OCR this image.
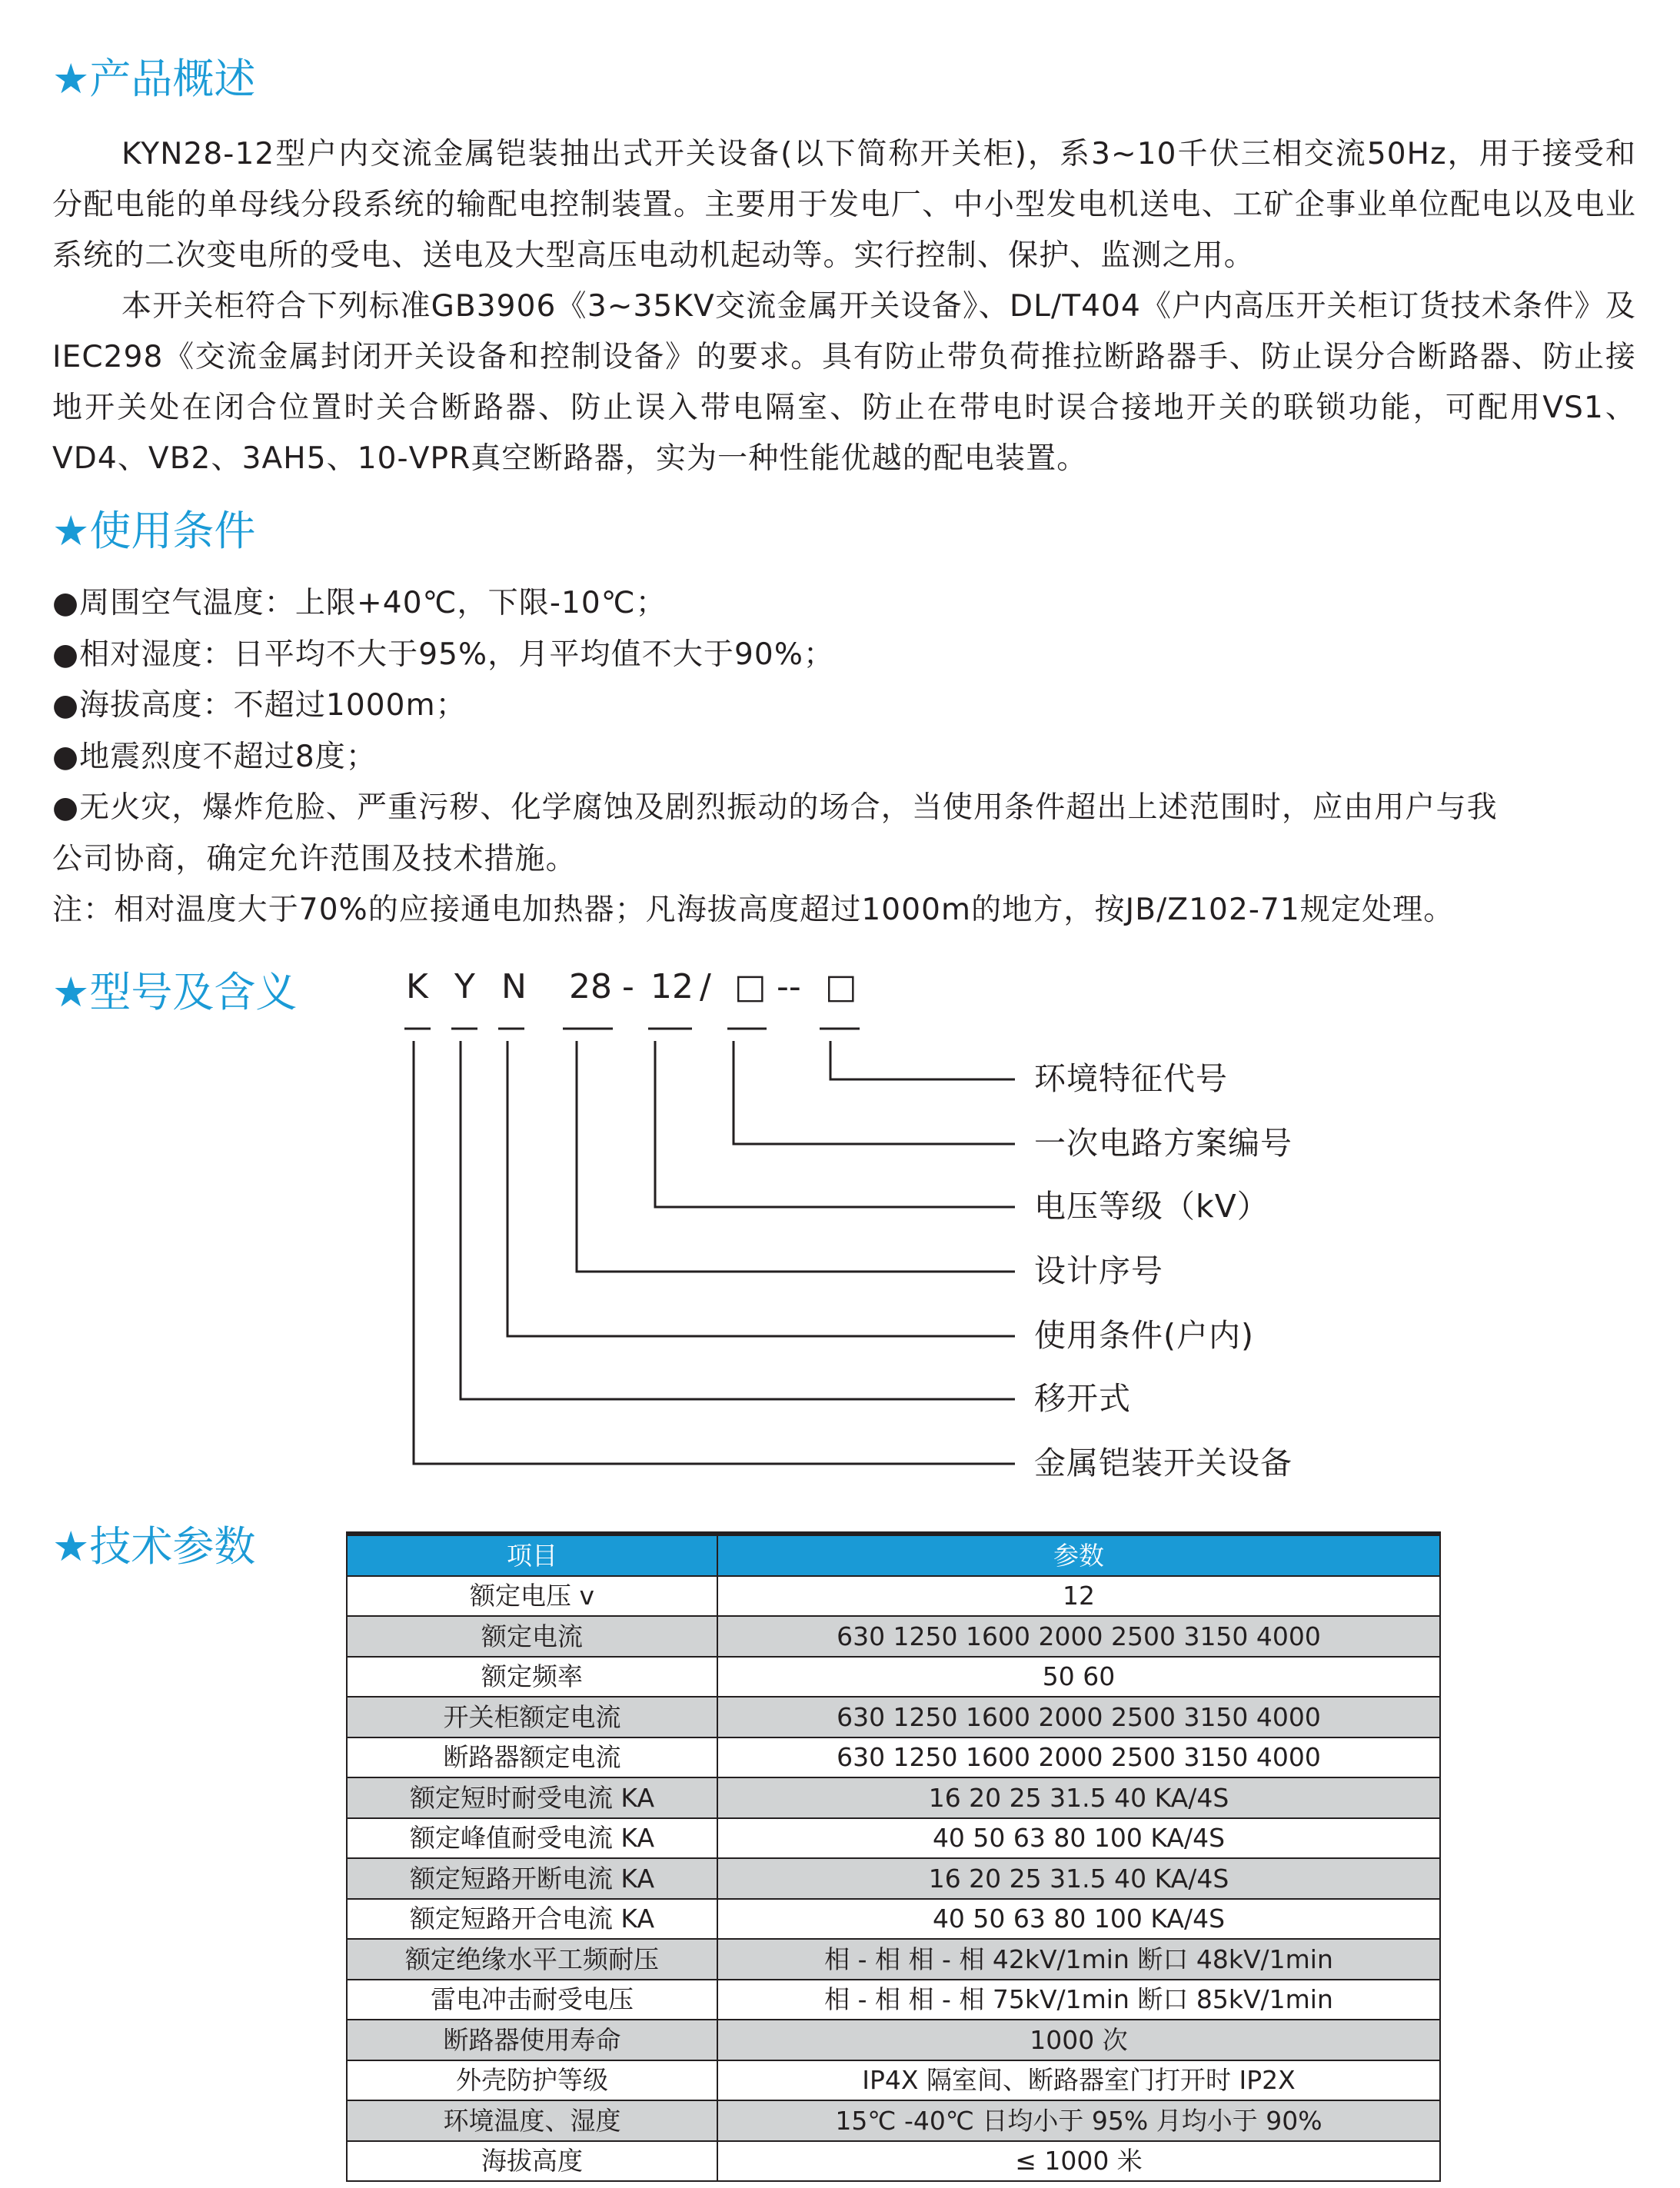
★产品概述

KYN28-12型户内交流金属铠装抽出式开关设备(以下简称开关柜)，系3~10千伏三相交流50Hz，用于接受和分配电能的单母线分段系统的输配电控制装置。主要用于发电厂、中小型发电机送电、工矿企事业单位配电以及电业系统的二次变电所的受电、送电及大型高压电动机起动等。实行控制、保护、监测之用。

本开关柜符合下列标准GB3906《3~35KV交流金属开关设备》、DL/T404《户内高压开关柜订货技术条件》及IEC298《交流金属封闭开关设备和控制设备》的要求。具有防止带负荷推拉断路器手、防止误分合断路器、防止接地开关处在闭合位置时关合断路器、防止误入带电隔室、防止在带电时误合接地开关的联锁功能，可配用VS1、VD4、VB2、3AH5、10-VPR真空断路器，实为一种性能优越的配电装置。

★使用条件
●周围空气温度：上限+40℃，下限-10℃；
●相对湿度：日平均不大于95%，月平均值不大于90%；
●海拔高度：不超过1000m；
●地震烈度不超过8度；
●无火灾，爆炸危脸、严重污秽、化学腐蚀及剧烈振动的场合，当使用条件超出上述范围时，应由用户与我
公司协商，确定允许范围及技术措施。
注：相对温度大于70%的应接通电加热器；凡海拔高度超过1000m的地方，按JB/Z102-71规定处理。
★型号及含义	K Y N 28 - 12 / □ -- □
环境特征代号
一次电路方案编号
电压等级（kV）
设计序号
使用条件(户内)
移开式
金属铠装开关设备
★技术参数	项目	参数
额定电压 v	12
额定电流	630 1250 1600 2000 2500 3150 4000
额定频率	50 60
开关柜额定电流	630 1250 1600 2000 2500 3150 4000
断路器额定电流	630 1250 1600 2000 2500 3150 4000
额定短时耐受电流 KA	16 20 25 31.5 40 KA/4S
额定峰值耐受电流 KA	40 50 63 80 100 KA/4S
额定短路开断电流 KA	16 20 25 31.5 40 KA/4S
额定短路开合电流 KA	40 50 63 80 100 KA/4S
额定绝缘水平工频耐压	相 - 相 相 - 相 42kV/1min 断口 48kV/1min
雷电冲击耐受电压	相 - 相 相 - 相 75kV/1min 断口 85kV/1min
断路器使用寿命	1000 次
外壳防护等级	IP4X 隔室间、断路器室门打开时 IP2X
环境温度、湿度	15℃ -40℃ 日均小于 95% 月均小于 90%
海拔高度	≤ 1000 米
